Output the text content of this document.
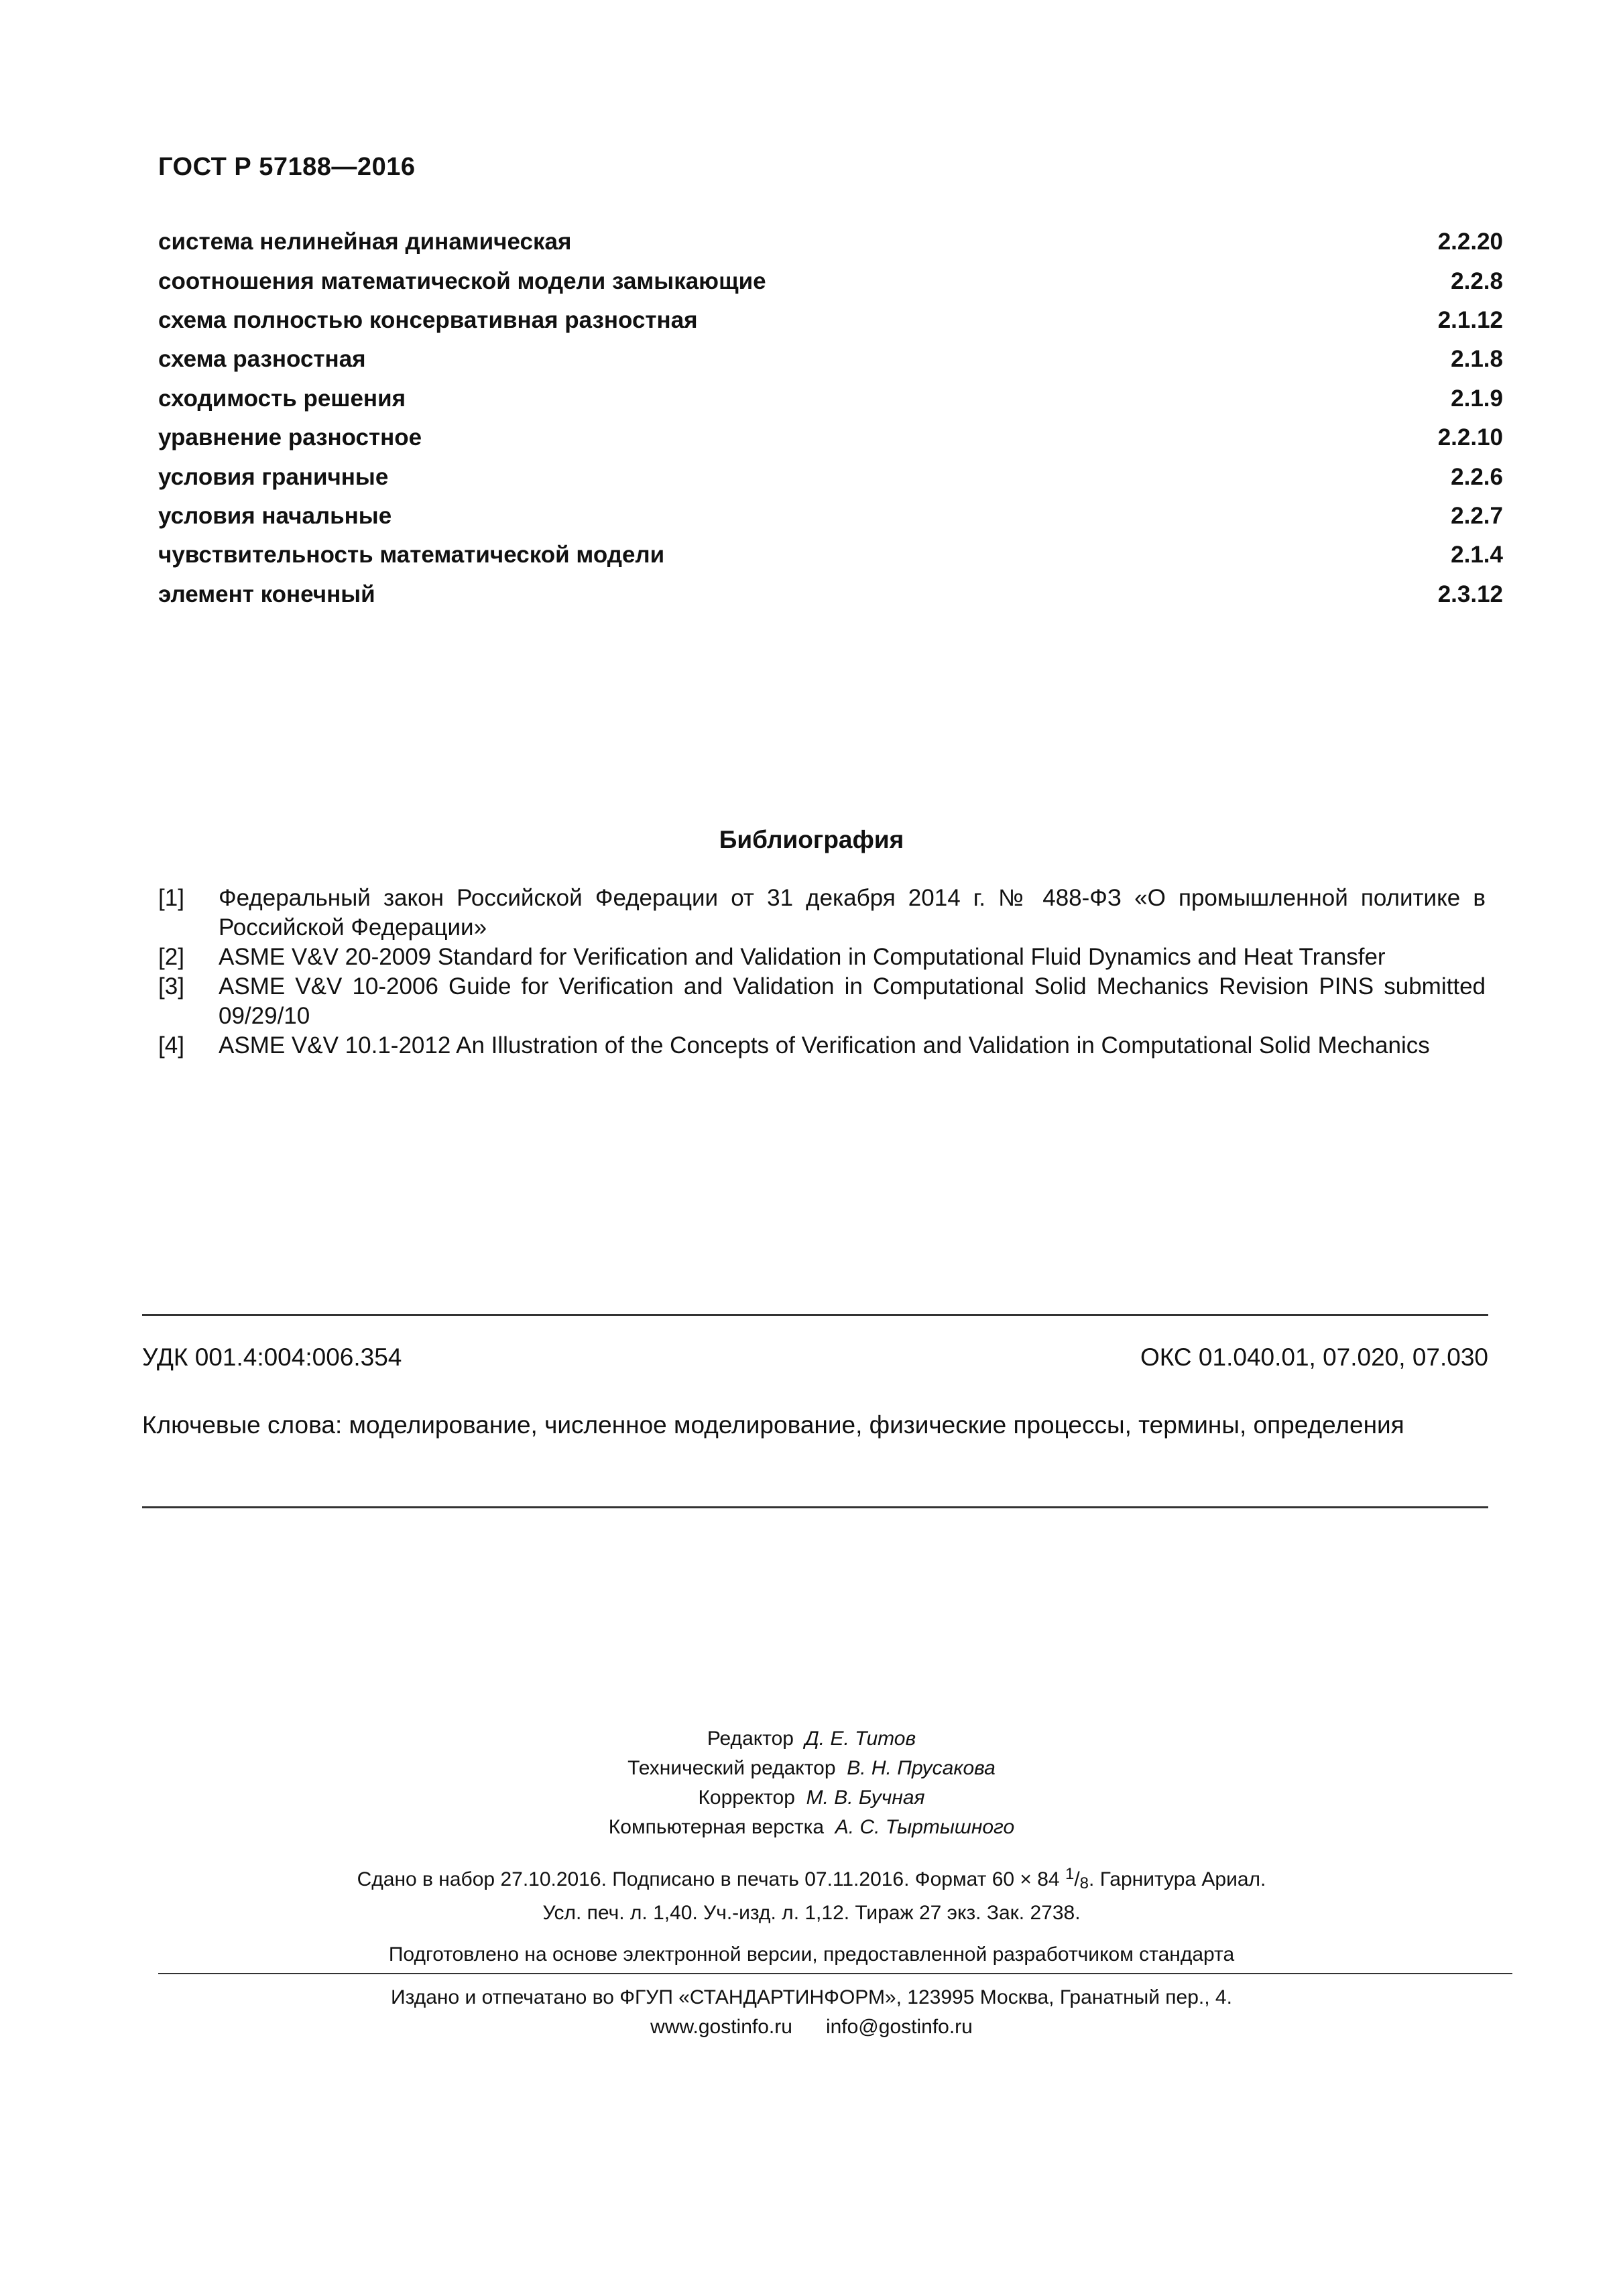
ГОСТ Р 57188—2016
система нелинейная динамическая	2.2.20
соотношения математической модели замыкающие	2.2.8
схема полностью консервативная разностная	2.1.12
схема разностная	2.1.8
сходимость решения	2.1.9
уравнение разностное	2.2.10
условия граничные	2.2.6
условия начальные	2.2.7
чувствительность математической модели	2.1.4
элемент конечный	2.3.12
Библиография
[1]	Федеральный закон Российской Федерации от 31 декабря 2014 г. № 488-ФЗ «О промышленной политике в Российской Федерации»
[2]	ASME V&V 20-2009 Standard for Verification and Validation in Computational Fluid Dynamics and Heat Transfer
[3]	ASME V&V 10-2006 Guide for Verification and Validation in Computational Solid Mechanics Revision PINS submitted 09/29/10
[4]	ASME V&V 10.1-2012 An Illustration of the Concepts of Verification and Validation in Computational Solid Mechanics
УДК 001.4:004:006.354	ОКС 01.040.01, 07.020, 07.030
Ключевые слова: моделирование, численное моделирование, физические процессы, термины, определения
Редактор Д. Е. Титов
Технический редактор В. Н. Прусакова
Корректор М. В. Бучная
Компьютерная верстка А. С. Тыртышного
Сдано в набор 27.10.2016. Подписано в печать 07.11.2016. Формат 60 × 84 $^1$/8. Гарнитура Ариал.
Усл. печ. л. 1,40. Уч.-изд. л. 1,12. Тираж 27 экз. Зак. 2738.
Подготовлено на основе электронной версии, предоставленной разработчиком стандарта
Издано и отпечатано во ФГУП «СТАНДАРТИНФОРМ», 123995 Москва, Гранатный пер., 4.
www.gostinfo.ru info@gostinfo.ru
